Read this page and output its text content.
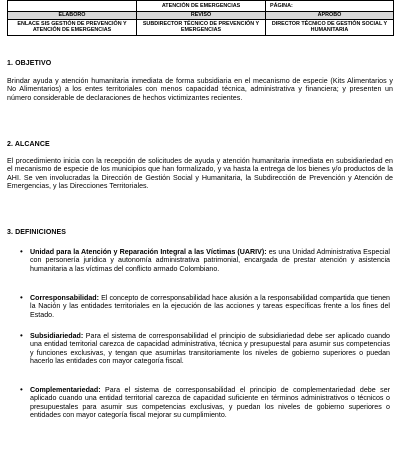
	ATENCIÓN DE EMERGENCIAS	PÁGINA:
ELABORÓ	REVISÓ	APROBÓ
ENLACE SIS GESTIÓN DE PREVENCIÓN Y ATENCIÓN DE EMERGENCIAS	SUBDIRECTOR TÉCNICO DE PREVENCIÓN Y EMERGENCIAS	DIRECTOR TÉCNICO DE GESTIÓN SOCIAL Y HUMANITARIA
1. OBJETIVO
Brindar ayuda y atención humanitaria inmediata de forma subsidiaria en el mecanismo de especie (Kits Alimentarios y No Alimentarios) a los entes territoriales con menos capacidad técnica, administrativa y financiera; y presenten un número considerable de declaraciones de hechos victimizantes recientes.
2. ALCANCE
El procedimiento inicia con la recepción de solicitudes de ayuda y atención humanitaria inmediata en subsidiariedad en el mecanismo de especie de los municipios que han formalizado, y va hasta la entrega de los bienes y/o productos de la AHI. Se ven involucradas la Dirección de Gestión Social y Humanitaria, la Subdirección de Prevención y Atención de Emergencias, y las Direcciones Territoriales.
3. DEFINICIONES
• Unidad para la Atención y Reparación Integral a las Víctimas (UARIV): es una Unidad Administrativa Especial con personería jurídica y autonomía administrativa patrimonial, encargada de prestar atención y asistencia humanitaria a las víctimas del conflicto armado Colombiano.
• Corresponsabilidad: El concepto de corresponsabilidad hace alusión a la responsabilidad compartida que tienen la Nación y las entidades territoriales en la ejecución de las acciones y tareas específicas frente a los fines del Estado.
• Subsidiariedad: Para el sistema de corresponsabilidad el principio de subsidiariedad debe ser aplicado cuando una entidad territorial carezca de capacidad administrativa, técnica y presupuestal para asumir sus competencias y funciones exclusivas, y tengan que asumirlas transitoriamente los niveles de gobierno superiores o puedan hacerlo las entidades con mayor categoría fiscal.
• Complementariedad: Para el sistema de corresponsabilidad el principio de complementariedad debe ser aplicado cuando una entidad territorial carezca de capacidad suficiente en términos administrativos o técnicos o presupuestales para asumir sus competencias exclusivas, y puedan los niveles de gobierno superiores o entidades con mayor categoría fiscal mejorar su cumplimiento.
